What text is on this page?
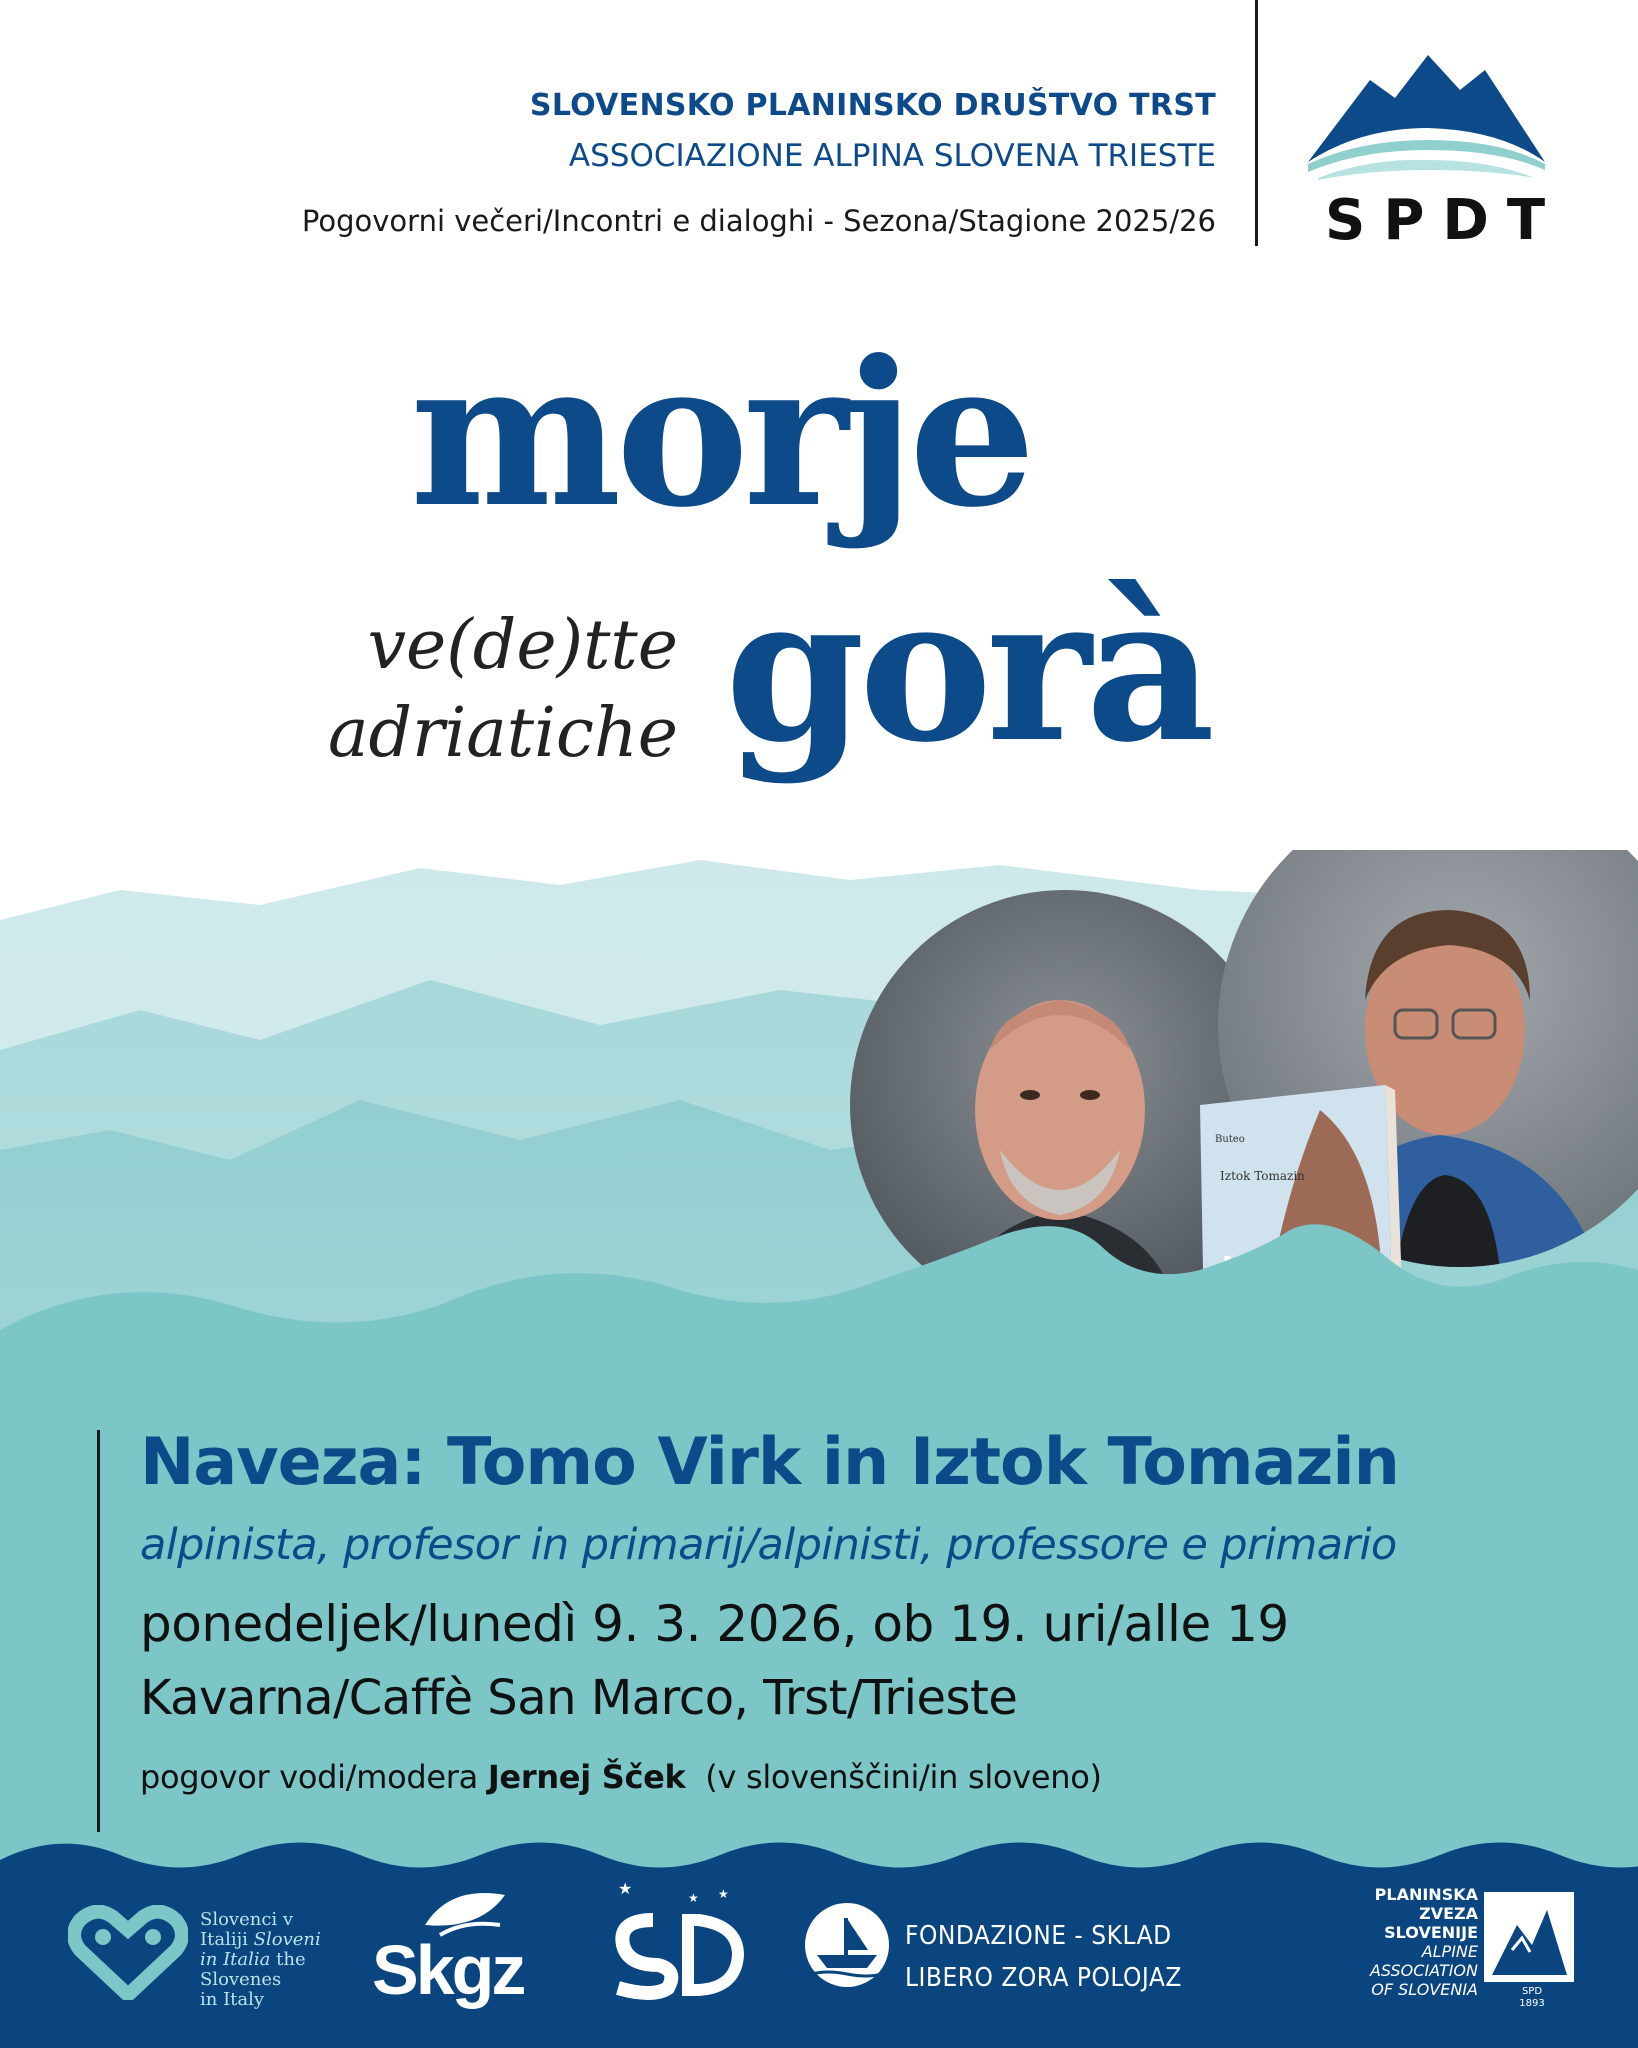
SLOVENSKO PLANINSKO DRUŠTVO TRST
ASSOCIAZIONE ALPINA SLOVENA TRIESTE
Pogovorni večeri/Incontri e dialoghi - Sezona/Stagione 2025/26 SPDT
morje
gorà
ve(de)tte
adriatiche
Buteo
Iztok Tomazin
Naveza: Tomo Virk in Iztok Tomazin
alpinista, profesor in primarij/alpinisti, professore e primario
ponedeljek/lunedì 9. 3. 2026, ob 19. uri/alle 19
Kavarna/Caffè San Marco, Trst/Trieste
pogovor vodi/modera Jernej Šček (v slovenščini/in sloveno)
Slovenci v
Italiji Sloveni
in Italia the
Slovenes
in Italy	Skgz
★	★ ★
FONDAZIONE - SKLAD
LIBERO ZORA POLOJAZ
PLANINSKA
ZVEZA
SLOVENIJE
ALPINE
ASSOCIATION
OF SLOVENIA	SPD
1893
